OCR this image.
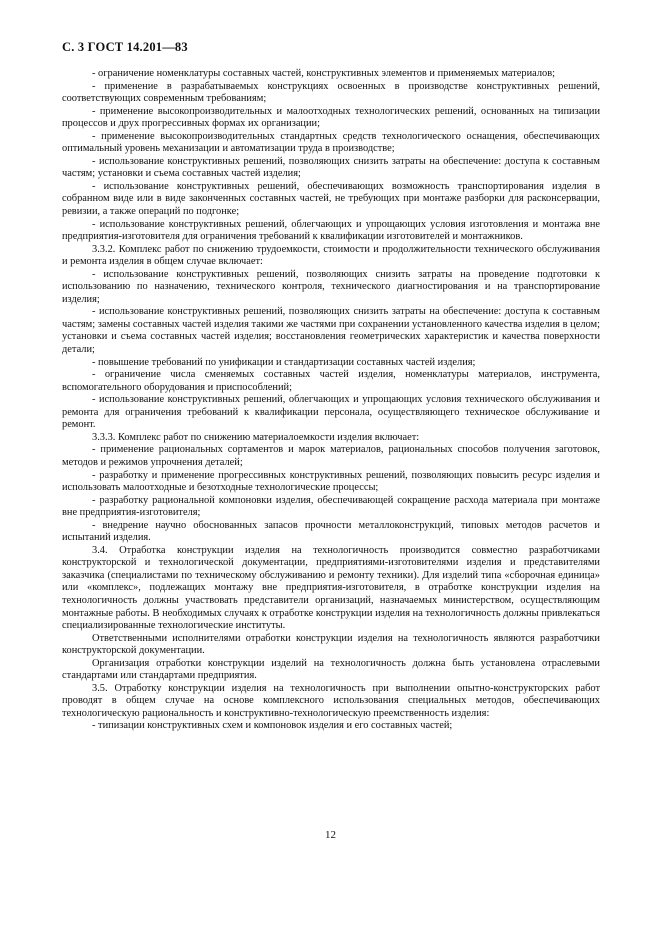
С. 3 ГОСТ 14.201—83

- ограничение номенклатуры составных частей, конструктивных элементов и применяемых материалов;

- применение в разрабатываемых конструкциях освоенных в производстве конструктивных решений, соответствующих современным требованиям;

- применение высокопроизводительных и малоотходных технологических решений, основанных на типизации процессов и друх прогрессивных формах их организации;

- применение высокопроизводительных стандартных средств технологического оснащения, обеспечивающих оптимальный уровень механизации и автоматизации труда в производстве;

- использование конструктивных решений, позволяющих снизить затраты на обеспечение: доступа к составным частям; установки и съема составных частей изделия;

- использование конструктивных решений, обеспечивающих возможность транспортирования изделия в собранном виде или в виде законченных составных частей, не требующих при монтаже разборки для расконсервации, ревизии, а также операций по подгонке;

- использование конструктивных решений, облегчающих и упрощающих условия изготовления и монтажа вне предприятия-изготовителя для ограничения требований к квалификации изготовителей и монтажников.

3.3.2. Комплекс работ по снижению трудоемкости, стоимости и продолжительности технического обслуживания и ремонта изделия в общем случае включает:

- использование конструктивных решений, позволяющих снизить затраты на проведение подготовки к использованию по назначению, технического контроля, технического диагностирования и на транспортирование изделия;

- использование конструктивных решений, позволяющих снизить затраты на обеспечение: доступа к составным частям; замены составных частей изделия такими же частями при сохранении установленного качества изделия в целом; установки и съема составных частей изделия; восстановления геометрических характеристик и качества поверхности детали;

- повышение требований по унификации и стандартизации составных частей изделия;

- ограничение числа сменяемых составных частей изделия, номенклатуры материалов, инструмента, вспомогательного оборудования и приспособлений;

- использование конструктивных решений, облегчающих и упрощающих условия технического обслуживания и ремонта для ограничения требований к квалификации персонала, осуществляющего техническое обслуживание и ремонт.

3.3.3. Комплекс работ по снижению материалоемкости изделия включает:

- применение рациональных сортаментов и марок материалов, рациональных способов получения заготовок, методов и режимов упрочнения деталей;

- разработку и применение прогрессивных конструктивных решений, позволяющих повысить ресурс изделия и использовать малоотходные и безотходные технологические процессы;

- разработку рациональной компоновки изделия, обеспечивающей сокращение расхода материала при монтаже вне предприятия-изготовителя;

- внедрение научно обоснованных запасов прочности металлоконструкций, типовых методов расчетов и испытаний изделия.

3.4. Отработка конструкции изделия на технологичность производится совместно разработчиками конструкторской и технологической документации, предприятиями-изготовителями изделия и представителями заказчика (специалистами по техническому обслуживанию и ремонту техники). Для изделий типа «сборочная единица» или «комплекс», подлежащих монтажу вне предприятия-изготовителя, в отработке конструкции изделия на технологичность должны участвовать представители организаций, назначаемых министерством, осуществляющим монтажные работы. В необходимых случаях к отработке конструкции изделия на технологичность должны привлекаться специализированные технологические институты.

Ответственными исполнителями отработки конструкции изделия на технологичность являются разработчики конструкторской документации.

Организация отработки конструкции изделий на технологичность должна быть установлена отраслевыми стандартами или стандартами предприятия.

3.5. Отработку конструкции изделия на технологичность при выполнении опытно-конструкторских работ проводят в общем случае на основе комплексного использования специальных методов, обеспечивающих технологическую рациональность и конструктивно-технологическую преемственность изделия:

- типизации конструктивных схем и компоновок изделия и его составных частей;

12
